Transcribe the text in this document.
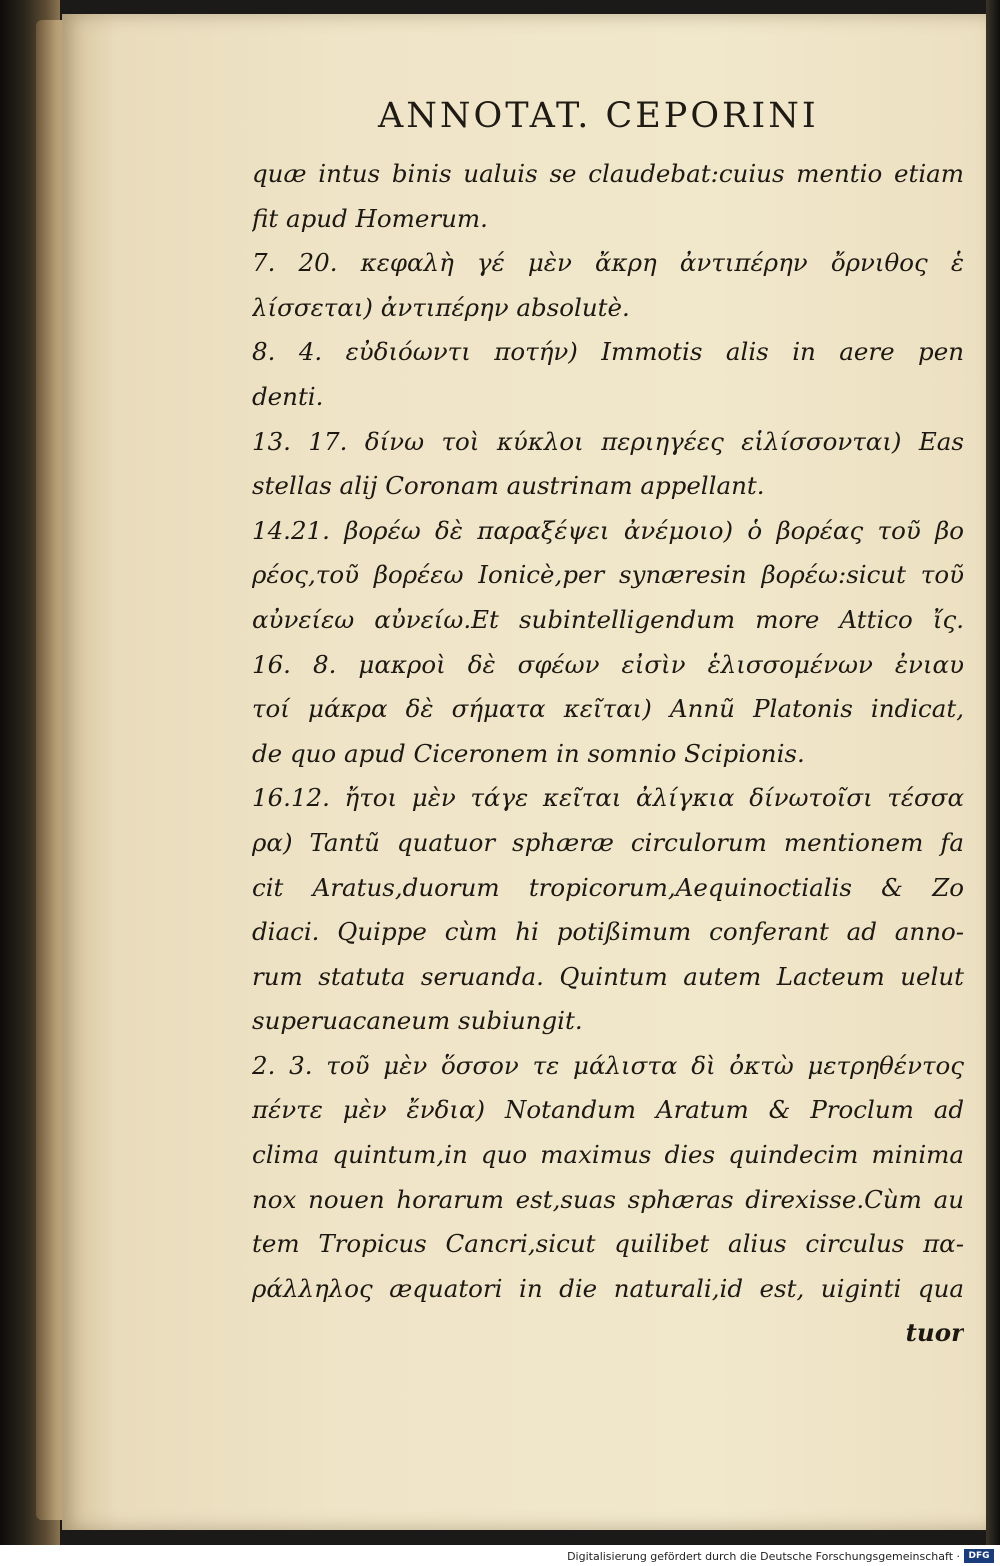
ANNOTAT. CEPORINI
quæ intus binis ualuis se claudebat:cuius mentio etiam
fit apud Homerum.
7. 20. κεφαλὴ γέ μὲν ἄκρη ἀντιπέρην ὄρνιθος ἑ
λίσσεται) ἀντιπέρην absolutè.
8. 4. εὐδιόωντι ποτήν) Immotis alis in aere pen
denti.
13. 17. δίνω τοὶ κύκλοι περιηγέες εἱλίσσονται) Eas
stellas alij Coronam austrinam appellant.
14.21. βορέω δὲ παραξέψει ἀνέμοιο) ὁ βορέας τοῦ βο
ρέος,τοῦ βορέεω Ionicè,per synæresin βορέω:sicut τοῦ
αὐνείεω αὐνείω.Et subintelligendum more Attico ἴς.
16. 8. μακροὶ δὲ σφέων εἰσὶν ἑλισσομένων ἐνιαυ
τοί μάκρα δὲ σήματα κεῖται) Annũ Platonis indicat,
de quo apud Ciceronem in somnio Scipionis.
16.12. ἤτοι μὲν τάγε κεῖται ἀλίγκια δίνωτοῖσι τέσσα
ρα) Tantũ quatuor sphæræ circulorum mentionem fa
cit Aratus,duorum tropicorum,Aequinoctialis & Zo
diaci. Quippe cùm hi potißimum conferant ad anno-
rum statuta seruanda. Quintum autem Lacteum uelut
superuacaneum subiungit.
2. 3. τοῦ μὲν ὅσσον τε μάλιστα δὶ ὀκτὼ μετρηθέντος
πέντε μὲν ἔνδια) Notandum Aratum & Proclum ad
clima quintum,in quo maximus dies quindecim minima
nox nouen horarum est,suas sphæras direxisse.Cùm au
tem Tropicus Cancri,sicut quilibet alius circulus πα-
ράλληλος æquatori in die naturali,id est, uiginti qua
tuor
Digitalisierung gefördert durch die Deutsche Forschungsgemeinschaft · DFG
